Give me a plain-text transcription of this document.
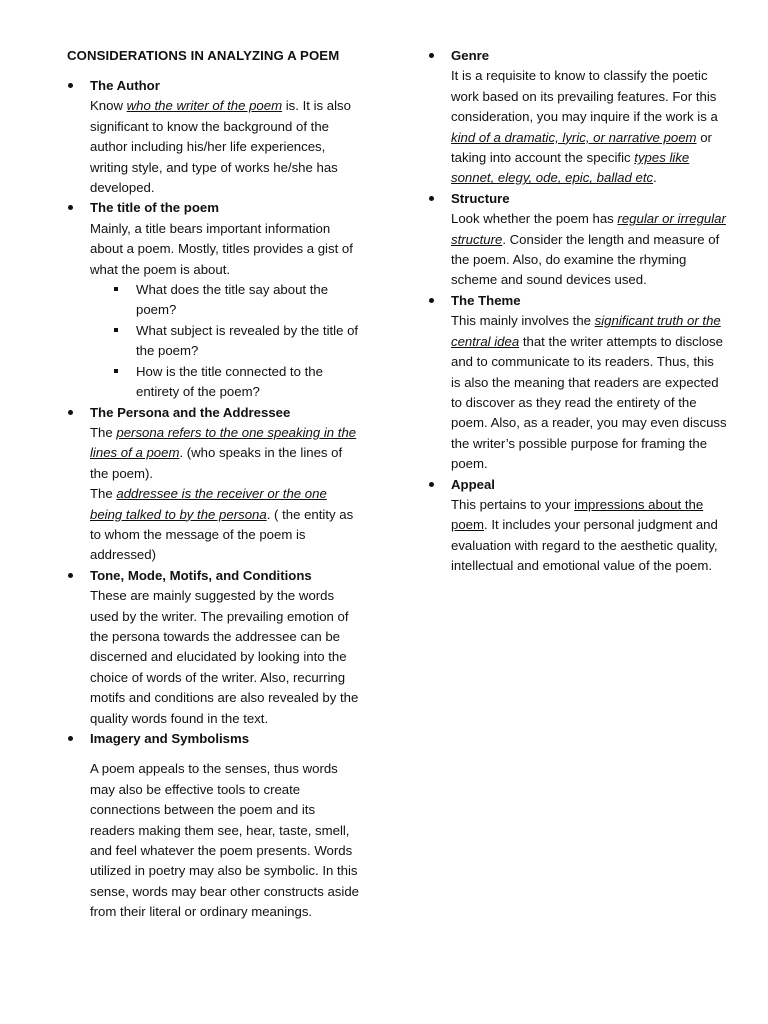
CONSIDERATIONS IN ANALYZING A POEM
The Author
Know who the writer of the poem is. It is also significant to know the background of the author including his/her life experiences, writing style, and type of works he/she has developed.
The title of the poem
Mainly, a title bears important information about a poem. Mostly, titles provides a gist of what the poem is about.
What does the title say about the poem?
What subject is revealed by the title of the poem?
How is the title connected to the entirety of the poem?
The Persona and the Addressee
The persona refers to the one speaking in the lines of a poem. (who speaks in the lines of the poem).
The addressee is the receiver or the one being talked to by the persona. ( the entity as to whom the message of the poem is addressed)
Tone, Mode, Motifs, and Conditions
These are mainly suggested by the words used by the writer. The prevailing emotion of the persona towards the addressee can be discerned and elucidated by looking into the choice of words of the writer. Also, recurring motifs and conditions are also revealed by the quality words found in the text.
Imagery and Symbolisms
A poem appeals to the senses, thus words may also be effective tools to create connections between the poem and its readers making them see, hear, taste, smell, and feel whatever the poem presents. Words utilized in poetry may also be symbolic. In this sense, words may bear other constructs aside from their literal or ordinary meanings.
Genre
It is a requisite to know to classify the poetic work based on its prevailing features. For this consideration, you may inquire if the work is a kind of a dramatic, lyric, or narrative poem or taking into account the specific types like sonnet, elegy, ode, epic, ballad etc.
Structure
Look whether the poem has regular or irregular structure. Consider the length and measure of the poem. Also, do examine the rhyming scheme and sound devices used.
The Theme
This mainly involves the significant truth or the central idea that the writer attempts to disclose and to communicate to its readers. Thus, this is also the meaning that readers are expected to discover as they read the entirety of the poem. Also, as a reader, you may even discuss the writer’s possible purpose for framing the poem.
Appeal
This pertains to your impressions about the poem. It includes your personal judgment and evaluation with regard to the aesthetic quality, intellectual and emotional value of the poem.
